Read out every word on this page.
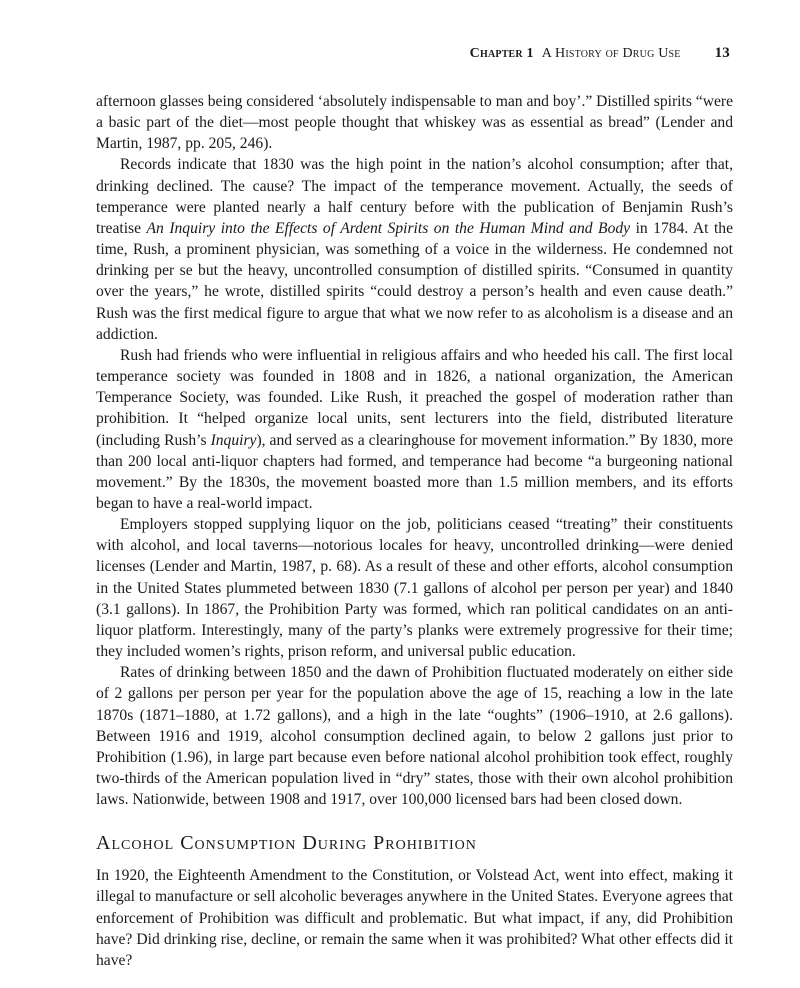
Chapter 1 A History of Drug Use 13

afternoon glasses being considered ‘absolutely indispensable to man and boy’.” Distilled spirits “were a basic part of the diet—most people thought that whiskey was as essential as bread” (Lender and Martin, 1987, pp. 205, 246).

Records indicate that 1830 was the high point in the nation’s alcohol consumption; after that, drinking declined. The cause? The impact of the temperance movement. Actually, the seeds of temperance were planted nearly a half century before with the publication of Benjamin Rush’s treatise An Inquiry into the Effects of Ardent Spirits on the Human Mind and Body in 1784. At the time, Rush, a prominent physician, was something of a voice in the wilderness. He condemned not drinking per se but the heavy, uncontrolled consumption of distilled spirits. “Consumed in quantity over the years,” he wrote, distilled spirits “could destroy a person’s health and even cause death.” Rush was the first medical figure to argue that what we now refer to as alcoholism is a disease and an addiction.

Rush had friends who were influential in religious affairs and who heeded his call. The first local temperance society was founded in 1808 and in 1826, a national organization, the American Temperance Society, was founded. Like Rush, it preached the gospel of moderation rather than prohibition. It “helped organize local units, sent lecturers into the field, distributed literature (including Rush’s Inquiry), and served as a clearinghouse for movement information.” By 1830, more than 200 local anti-liquor chapters had formed, and temperance had become “a burgeoning national movement.” By the 1830s, the movement boasted more than 1.5 million members, and its efforts began to have a real-world impact.

Employers stopped supplying liquor on the job, politicians ceased “treating” their constituents with alcohol, and local taverns—notorious locales for heavy, uncontrolled drinking—were denied licenses (Lender and Martin, 1987, p. 68). As a result of these and other efforts, alcohol consumption in the United States plummeted between 1830 (7.1 gallons of alcohol per person per year) and 1840 (3.1 gallons). In 1867, the Prohibition Party was formed, which ran political candidates on an anti-liquor platform. Interestingly, many of the party’s planks were extremely progressive for their time; they included women’s rights, prison reform, and universal public education.

Rates of drinking between 1850 and the dawn of Prohibition fluctuated moderately on either side of 2 gallons per person per year for the population above the age of 15, reaching a low in the late 1870s (1871–1880, at 1.72 gallons), and a high in the late “oughts” (1906–1910, at 2.6 gallons). Between 1916 and 1919, alcohol consumption declined again, to below 2 gallons just prior to Prohibition (1.96), in large part because even before national alcohol prohibition took effect, roughly two-thirds of the American population lived in “dry” states, those with their own alcohol prohibition laws. Nationwide, between 1908 and 1917, over 100,000 licensed bars had been closed down.

Alcohol Consumption During Prohibition

In 1920, the Eighteenth Amendment to the Constitution, or Volstead Act, went into effect, making it illegal to manufacture or sell alcoholic beverages anywhere in the United States. Everyone agrees that enforcement of Prohibition was difficult and problematic. But what impact, if any, did Prohibition have? Did drinking rise, decline, or remain the same when it was prohibited? What other effects did it have?
